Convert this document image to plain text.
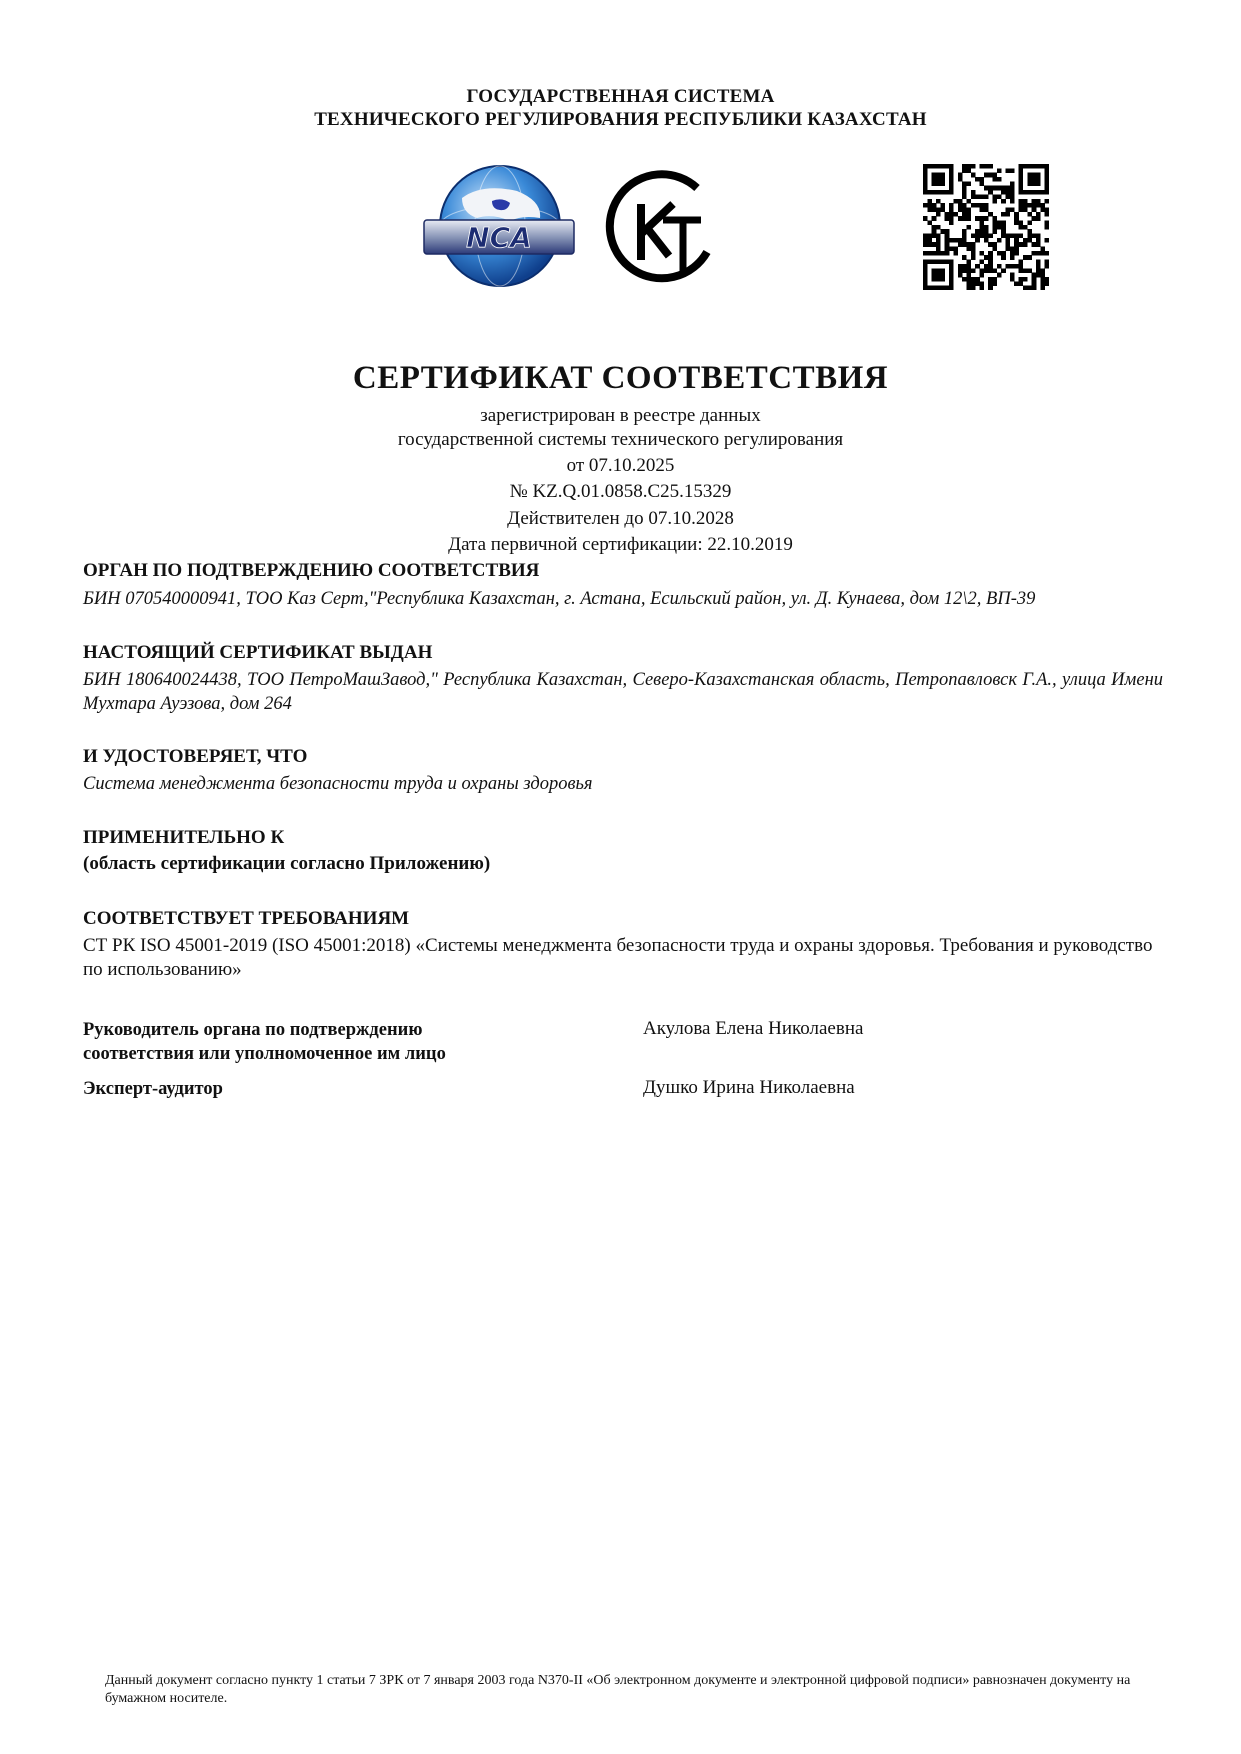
ГОСУДАРСТВЕННАЯ СИСТЕМА
ТЕХНИЧЕСКОГО РЕГУЛИРОВАНИЯ РЕСПУБЛИКИ КАЗАХСТАН
NCA
СЕРТИФИКАТ СООТВЕТСТВИЯ
зарегистрирован в реестре данных
государственной системы технического регулирования
от 07.10.2025
№ KZ.Q.01.0858.C25.15329
Действителен до 07.10.2028
Дата первичной сертификации: 22.10.2019
ОРГАН ПО ПОДТВЕРЖДЕНИЮ СООТВЕТСТВИЯ
БИН 070540000941, ТОО Каз Серт,"Республика Казахстан, г. Астана, Есильский район, ул. Д. Кунаева, дом 12\2, ВП-39
НАСТОЯЩИЙ СЕРТИФИКАТ ВЫДАН
БИН 180640024438, ТОО ПетроМашЗавод," Республика Казахстан, Северо-Казахстанская область, Петропавловск Г.А., улица Имени Мухтара Ауэзова, дом 264
И УДОСТОВЕРЯЕТ, ЧТО
Система менеджмента безопасности труда и охраны здоровья
ПРИМЕНИТЕЛЬНО К
(область сертификации согласно Приложению)
СООТВЕТСТВУЕТ ТРЕБОВАНИЯМ
СТ РК ISO 45001-2019 (ISO 45001:2018) «Системы менеджмента безопасности труда и охраны здоровья. Требования и руководство по использованию»
Руководитель органа по подтверждению соответствия или уполномоченное им лицо
Акулова Елена Николаевна
Эксперт-аудитор	Душко Ирина Николаевна
Данный документ согласно пункту 1 статьи 7 ЗРК от 7 января 2003 года N370-II «Об электронном документе и электронной цифровой подписи» равнозначен документу на бумажном носителе.
